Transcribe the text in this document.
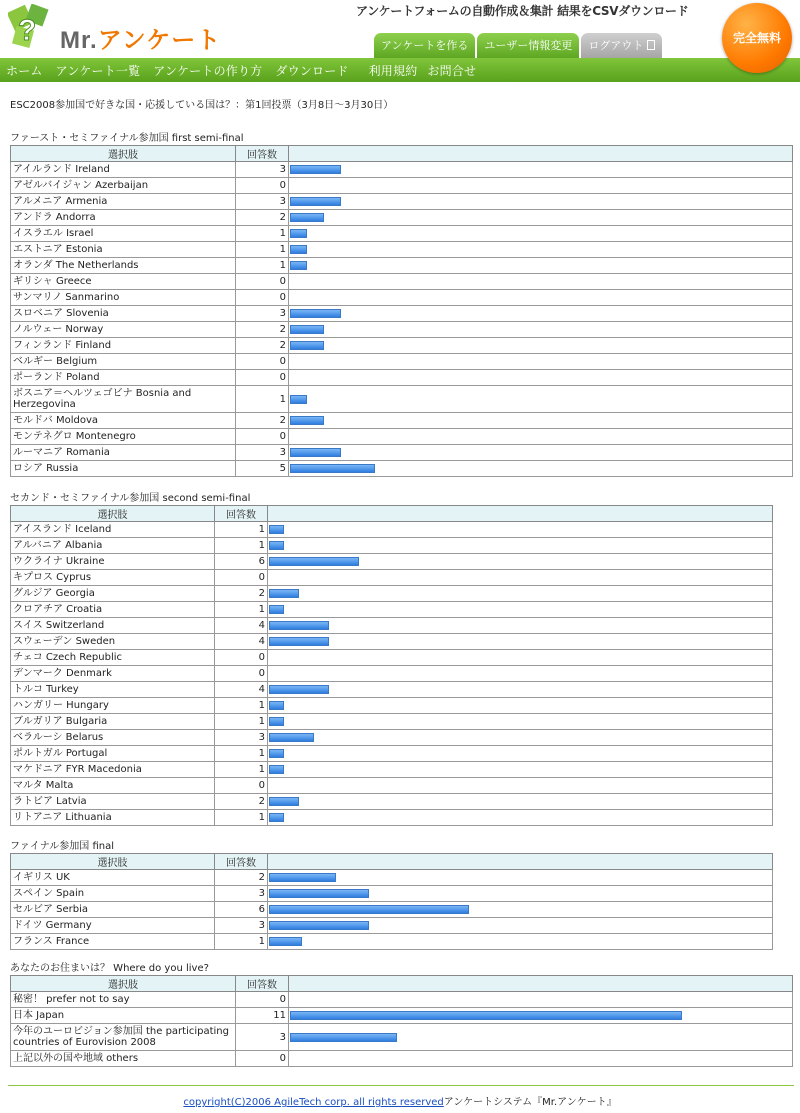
? Mr.アンケート
アンケートフォームの自動作成＆集計 結果をCSVダウンロード
アンケートを作る	ユーザー情報変更	ログアウト
完全無料
ホーム アンケート一覧 アンケートの作り方 ダウンロード 利用規約 お問合せ
ESC2008参加国で好きな国・応援している国は？：第1回投票（3月8日〜3月30日）
ファースト・セミファイナル参加国 first semi-final
選択肢	回答数	
アイルランド Ireland	3	

アゼルバイジャン Azerbaijan	0	
アルメニア Armenia	3	

アンドラ Andorra	2	

イスラエル Israel	1	

エストニア Estonia	1	

オランダ The Netherlands	1	

ギリシャ Greece	0	
サンマリノ Sanmarino	0	
スロベニア Slovenia	3	

ノルウェー Norway	2	

フィンランド Finland	2	

ベルギー Belgium	0	
ポーランド Poland	0	
ボスニア＝ヘルツェゴビナ Bosnia and Herzegovina	1	

モルドバ Moldova	2	

モンテネグロ Montenegro	0	
ルーマニア Romania	3	

ロシア Russia	5	
セカンド・セミファイナル参加国 second semi-final
選択肢	回答数	
アイスランド Iceland	1	

アルバニア Albania	1	

ウクライナ Ukraine	6	

キプロス Cyprus	0	
グルジア Georgia	2	

クロアチア Croatia	1	

スイス Switzerland	4	

スウェーデン Sweden	4	

チェコ Czech Republic	0	
デンマーク Denmark	0	
トルコ Turkey	4	

ハンガリー Hungary	1	

ブルガリア Bulgaria	1	

ベラルーシ Belarus	3	

ポルトガル Portugal	1	

マケドニア FYR Macedonia	1	

マルタ Malta	0	
ラトビア Latvia	2	

リトアニア Lithuania	1	
ファイナル参加国 final
選択肢	回答数	
イギリス UK	2	

スペイン Spain	3	

セルビア Serbia	6	

ドイツ Germany	3	

フランス France	1	
あなたのお住まいは？ Where do you live?
選択肢	回答数	
秘密！ prefer not to say	0	
日本 Japan	11	

今年のユーロビジョン参加国 the participating countries of Eurovision 2008	3	

上記以外の国や地域 others	0	
copyright(C)2006 AgileTech corp. all rights reservedアンケートシステム『Mr.アンケート』
